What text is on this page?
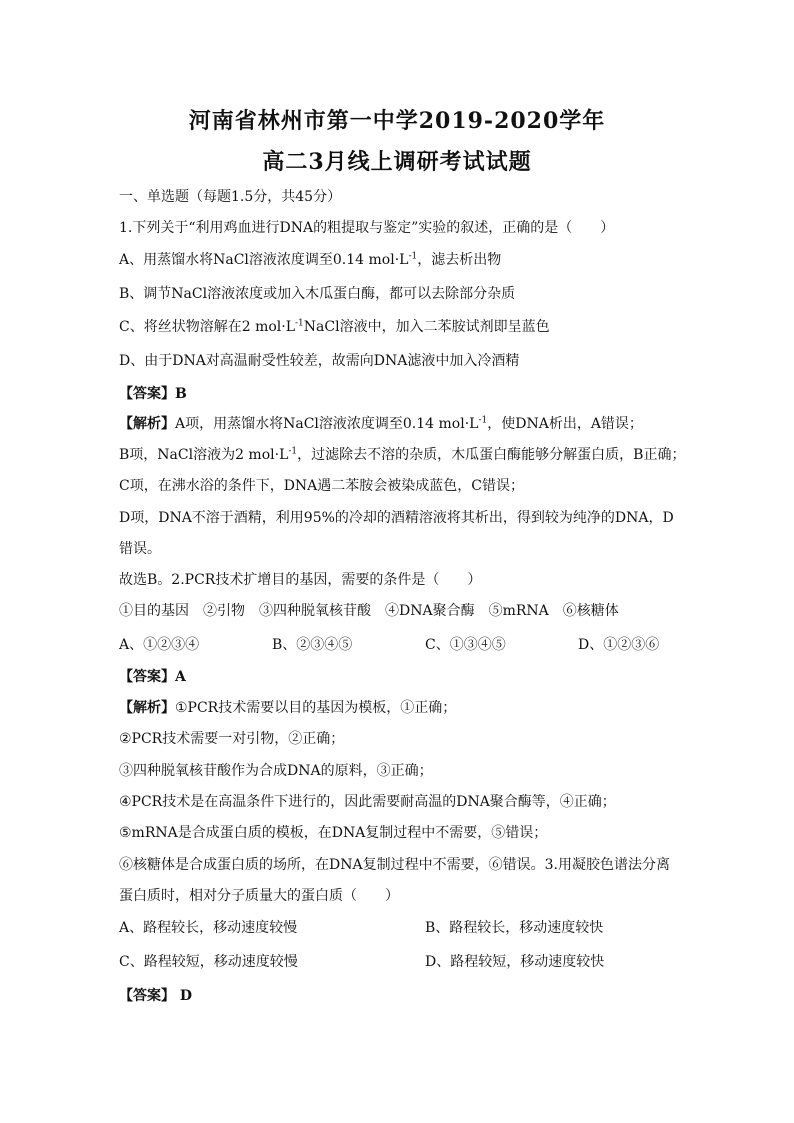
河南省林州市第一中学2019-2020学年
高二3月线上调研考试试题
一、单选题（每题1.5分，共45分）
1.下列关于“利用鸡血进行DNA的粗提取与鉴定”实验的叙述，正确的是（　　）
A、用蒸馏水将NaCl溶液浓度调至0.14 $mol\cdot L^{-1}$，滤去析出物
B、调节NaCl溶液浓度或加入木瓜蛋白酶，都可以去除部分杂质
C、将丝状物溶解在2 $mol\cdot L^{-1}NaCl$溶液中，加入二苯胺试剂即呈蓝色
D、由于DNA对高温耐受性较差，故需向DNA滤液中加入冷酒精
【答案】B
【解析】A项，用蒸馏水将NaCl溶液浓度调至0.14 $mol\cdot L^{-1}$，使DNA析出，A错误；
B项，NaCl溶液为2 $mol\cdot L^{-1}$，过滤除去不溶的杂质，木瓜蛋白酶能够分解蛋白质，B正确；
C项，在沸水浴的条件下，DNA遇二苯胺会被染成蓝色，C错误；
D项，DNA不溶于酒精，利用95%的冷却的酒精溶液将其析出，得到较为纯净的DNA，D
错误。
故选B。2.PCR技术扩增目的基因，需要的条件是（　　）
①目的基因　②引物　③四种脱氧核苷酸　④DNA聚合酶　⑤mRNA　⑥核糖体
A、①②③④	B、②③④⑤	C、①③④⑤	D、①②③⑥
【答案】A
【解析】①PCR技术需要以目的基因为模板，①正确；
②PCR技术需要一对引物，②正确；
③四种脱氧核苷酸作为合成DNA的原料，③正确；
④PCR技术是在高温条件下进行的，因此需要耐高温的DNA聚合酶等，④正确；
⑤mRNA是合成蛋白质的模板，在DNA复制过程中不需要，⑤错误；
⑥核糖体是合成蛋白质的场所，在DNA复制过程中不需要，⑥错误。3.用凝胶色谱法分离
蛋白质时，相对分子质量大的蛋白质（　　）
A、路程较长，移动速度较慢	B、路程较长，移动速度较快
C、路程较短，移动速度较慢	D、路程较短，移动速度较快
【答案】 D
